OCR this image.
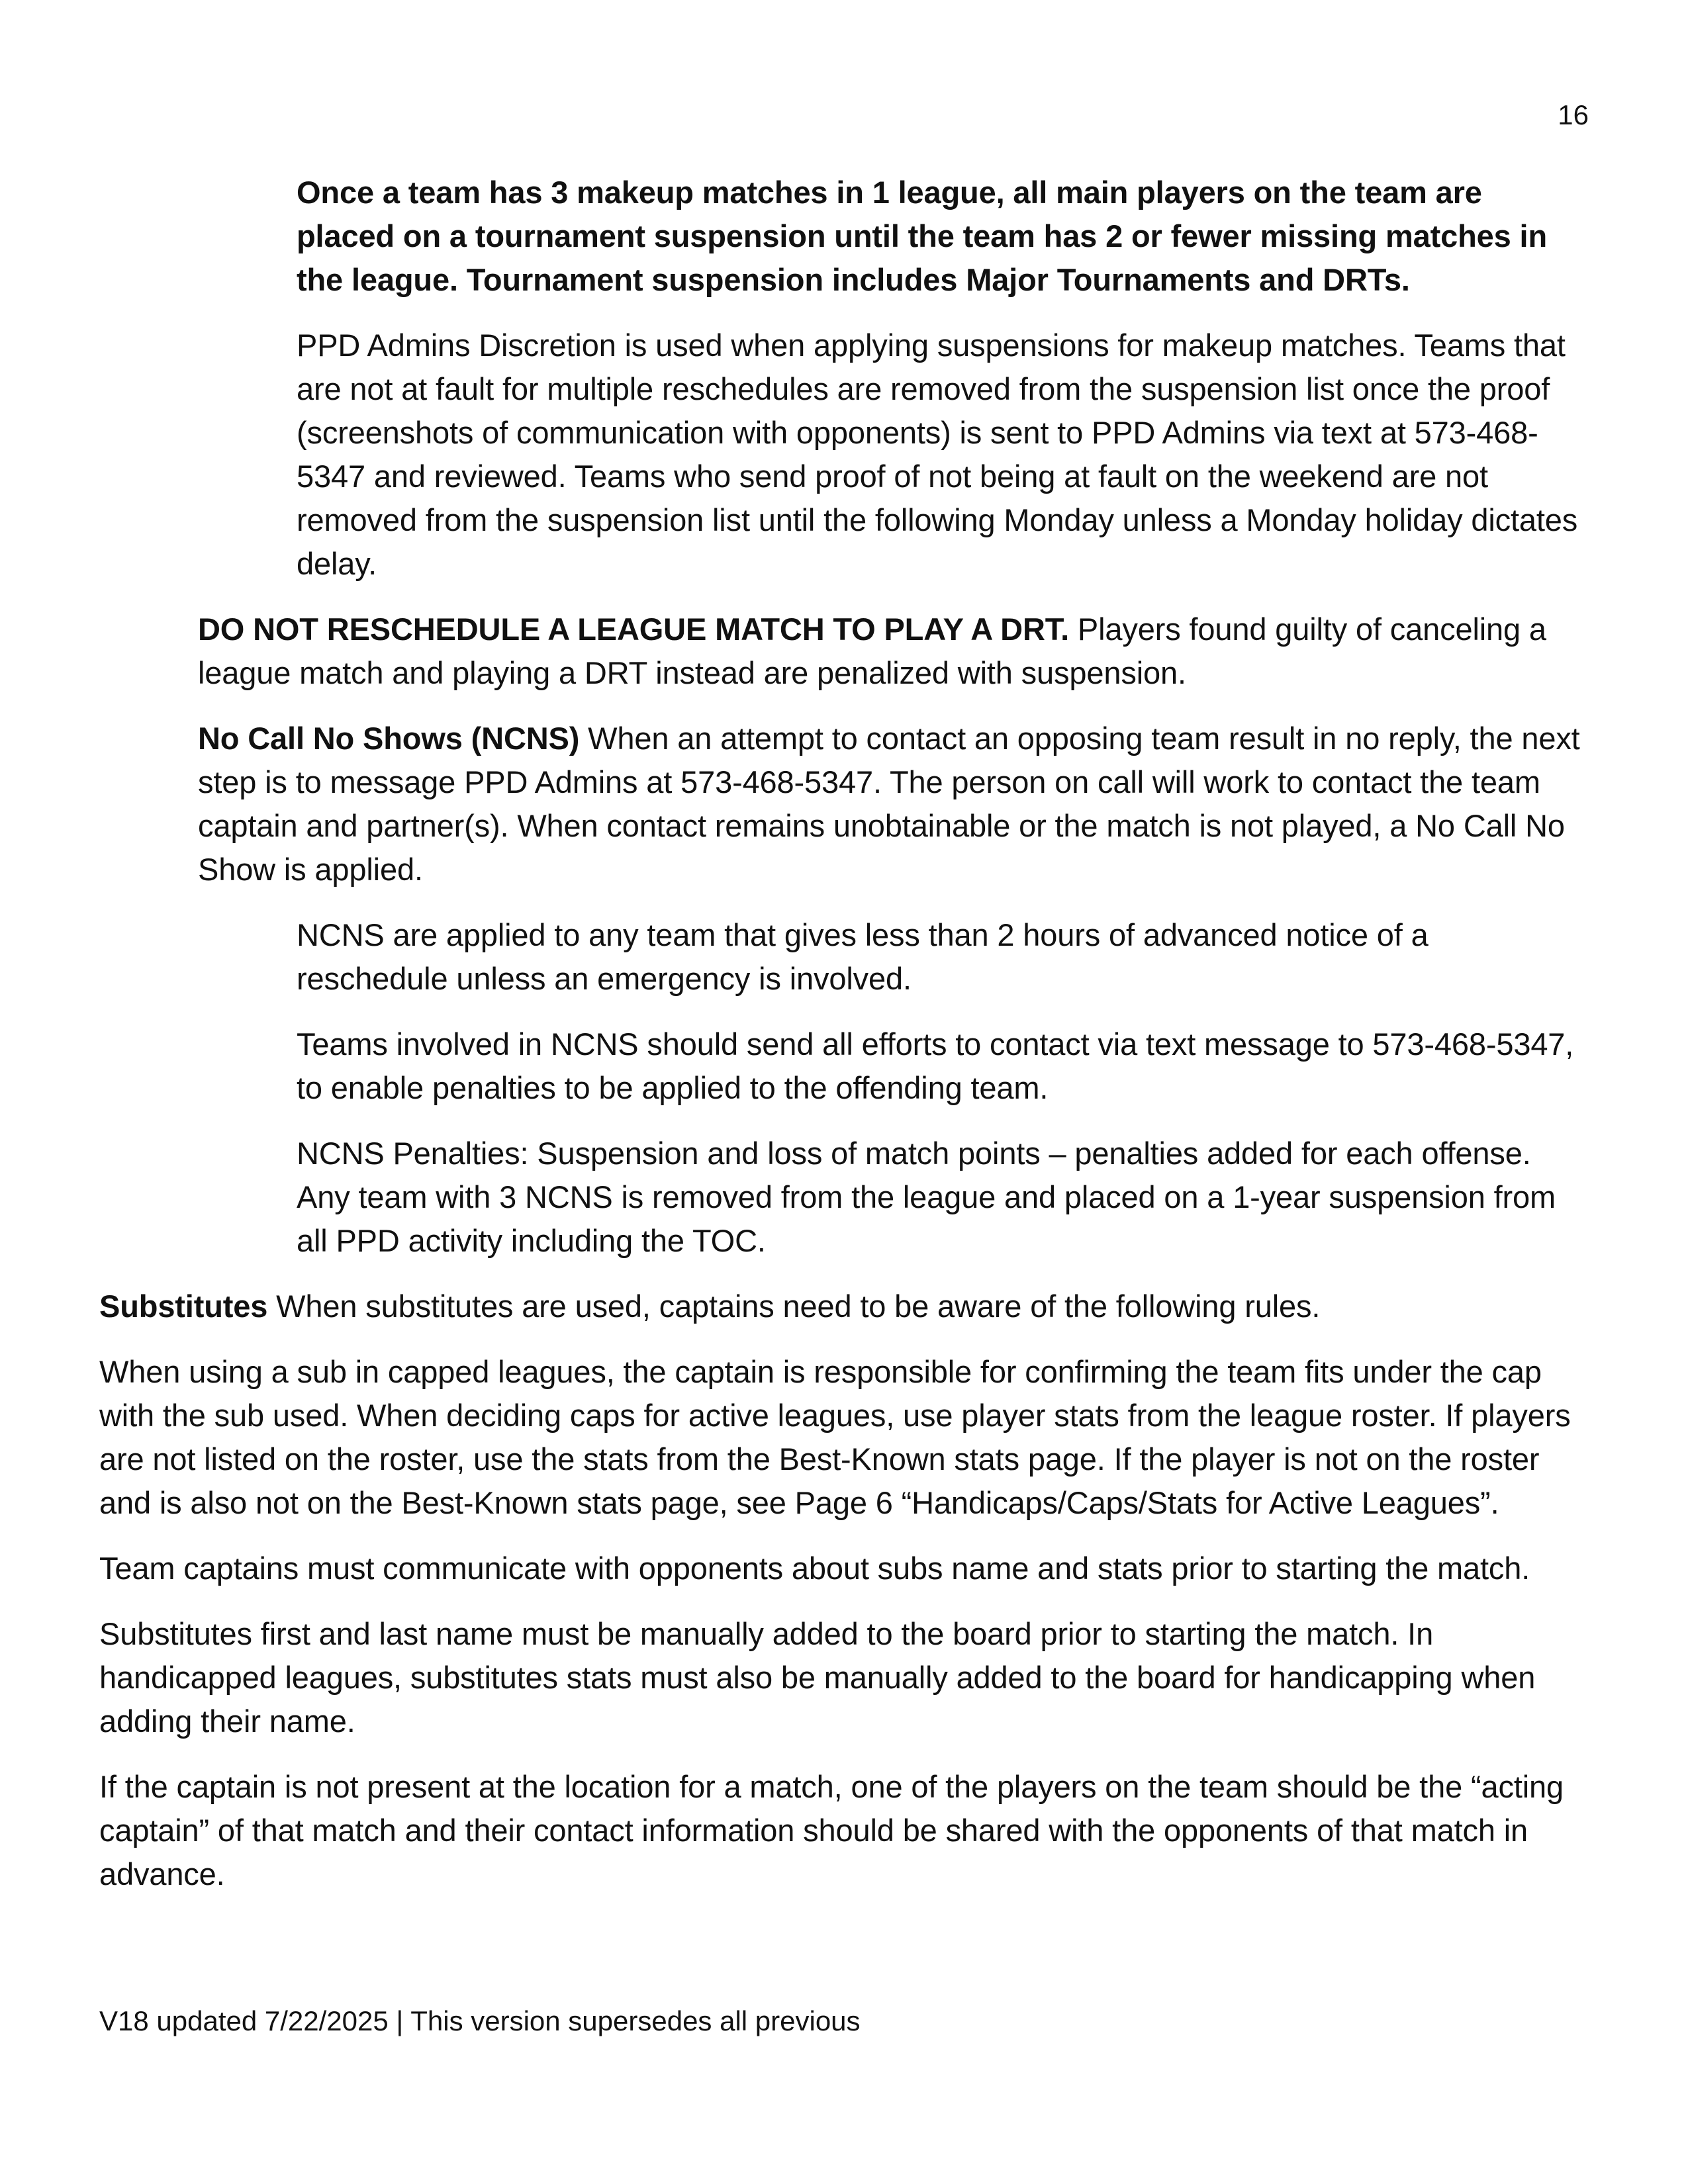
16

Once a team has 3 makeup matches in 1 league, all main players on the team are placed on a tournament suspension until the team has 2 or fewer missing matches in the league. Tournament suspension includes Major Tournaments and DRTs.

PPD Admins Discretion is used when applying suspensions for makeup matches. Teams that are not at fault for multiple reschedules are removed from the suspension list once the proof (screenshots of communication with opponents) is sent to PPD Admins via text at 573-468-5347 and reviewed. Teams who send proof of not being at fault on the weekend are not removed from the suspension list until the following Monday unless a Monday holiday dictates delay.

DO NOT RESCHEDULE A LEAGUE MATCH TO PLAY A DRT. Players found guilty of canceling a league match and playing a DRT instead are penalized with suspension.

No Call No Shows (NCNS) When an attempt to contact an opposing team result in no reply, the next step is to message PPD Admins at 573-468-5347. The person on call will work to contact the team captain and partner(s). When contact remains unobtainable or the match is not played, a No Call No Show is applied.

NCNS are applied to any team that gives less than 2 hours of advanced notice of a reschedule unless an emergency is involved.

Teams involved in NCNS should send all efforts to contact via text message to 573-468-5347, to enable penalties to be applied to the offending team.

NCNS Penalties: Suspension and loss of match points – penalties added for each offense. Any team with 3 NCNS is removed from the league and placed on a 1-year suspension from all PPD activity including the TOC.

Substitutes When substitutes are used, captains need to be aware of the following rules.

When using a sub in capped leagues, the captain is responsible for confirming the team fits under the cap with the sub used. When deciding caps for active leagues, use player stats from the league roster. If players are not listed on the roster, use the stats from the Best-Known stats page. If the player is not on the roster and is also not on the Best-Known stats page, see Page 6 “Handicaps/Caps/Stats for Active Leagues”.

Team captains must communicate with opponents about subs name and stats prior to starting the match.

Substitutes first and last name must be manually added to the board prior to starting the match. In handicapped leagues, substitutes stats must also be manually added to the board for handicapping when adding their name.

If the captain is not present at the location for a match, one of the players on the team should be the “acting captain” of that match and their contact information should be shared with the opponents of that match in advance.

V18 updated 7/22/2025 | This version supersedes all previous
